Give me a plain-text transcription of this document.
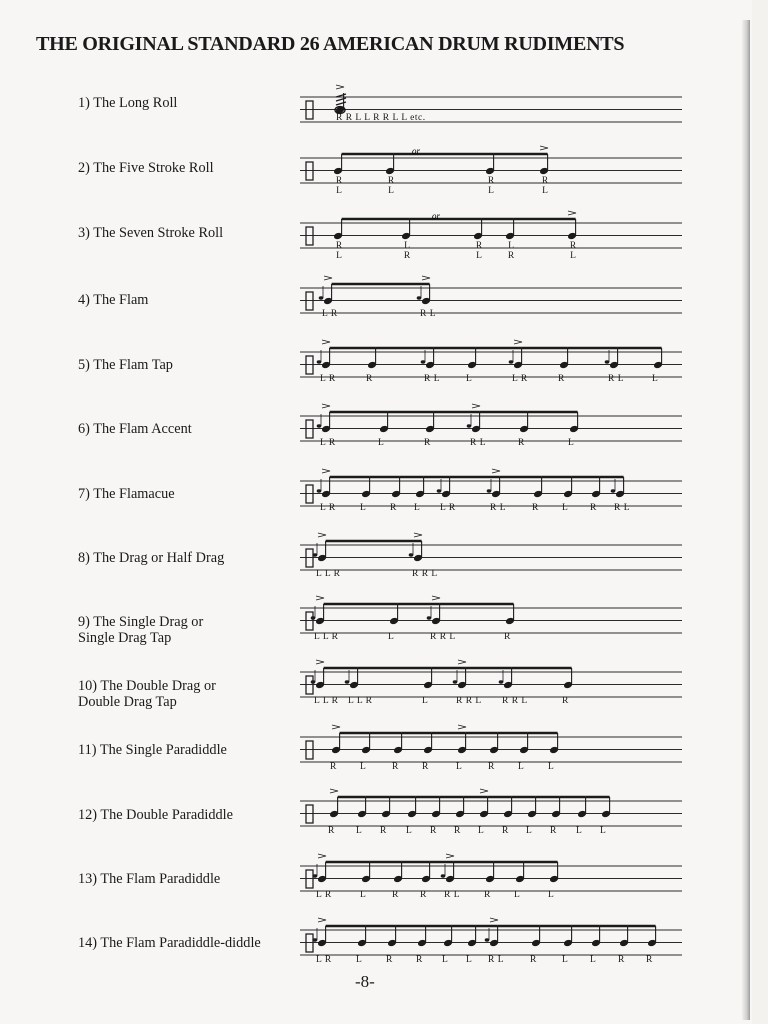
THE ORIGINAL STANDARD 26 AMERICAN DRUM RUDIMENTS
1) The Long Roll
R R L L R R L L etc.
2) The Five Stroke Roll
or
R
L
R
L
R
L
R
L
3) The Seven Stroke Roll
or
R
L
L
R
R
L
L
R
R
L
4) The Flam
L R	R L
5) The Flam Tap
L R	R	R L	L	L R	R	R L	L
6) The Flam Accent
L R	L	R	R L	R	L
7) The Flamacue
L R	L R L L R	R L	R L R R L
8) The Drag or Half Drag
L L R	R R L
9) The Single Drag or
Single Drag Tap	L L R	L	R R L	R
10) The Double Drag or
Double Drag Tap	L L R L L R	L	R R L R R L	R
11) The Single Paradiddle
R L	R R	L	R L L
12) The Double Paradiddle
R L R L R R L R L R L L
13) The Flam Paradiddle
L R	L	R R R L	R L	L
14) The Flam Paradiddle-diddle
L R	L R R L L R L	R	L L R R
-8-
